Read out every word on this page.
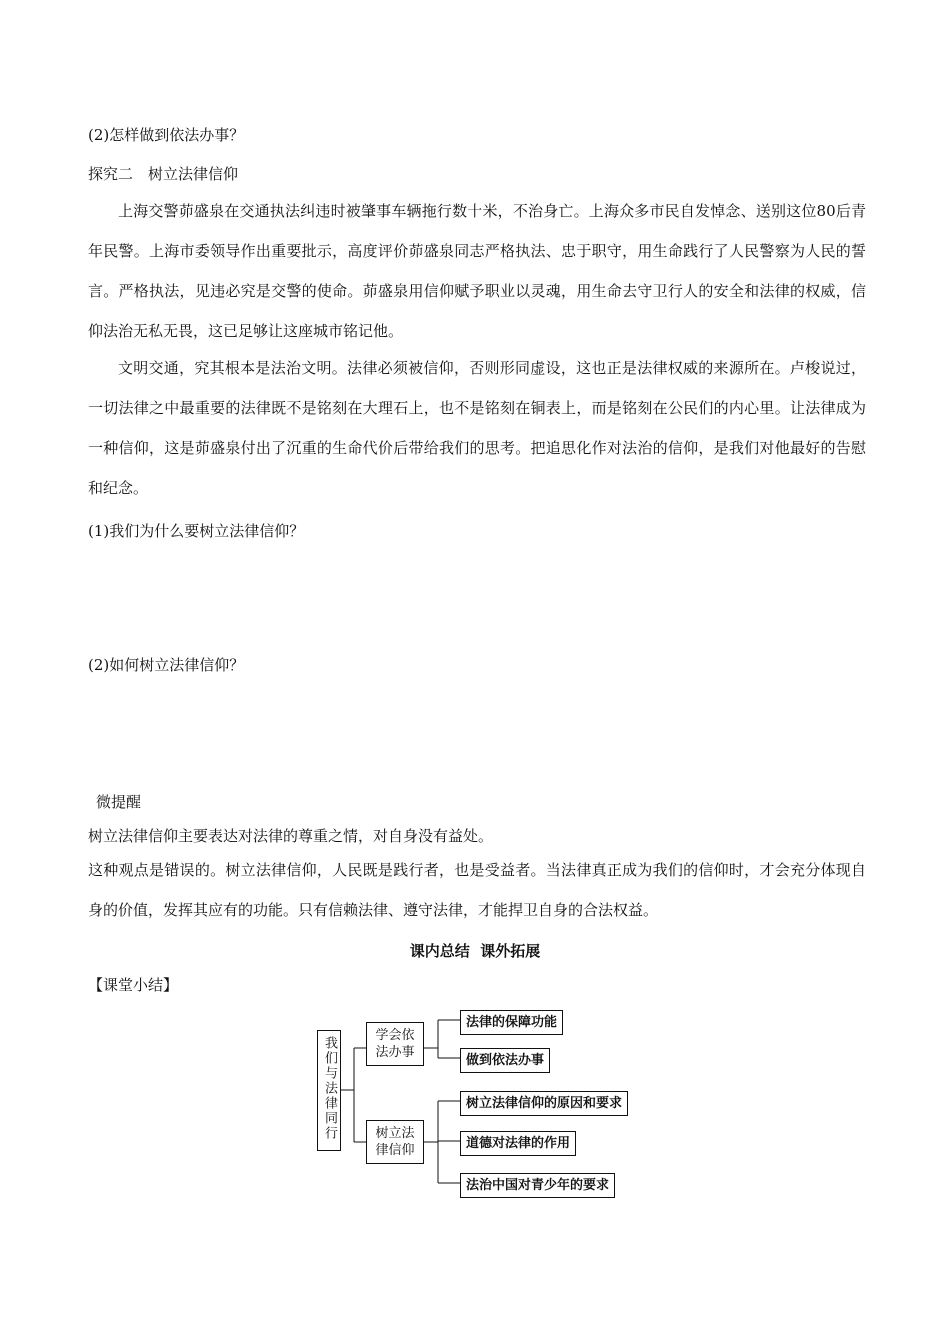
(2)怎样做到依法办事？
探究二　树立法律信仰
上海交警茆盛泉在交通执法纠违时被肇事车辆拖行数十米，不治身亡。上海众多市民自发悼念、送别这位80后青年民警。上海市委领导作出重要批示，高度评价茆盛泉同志严格执法、忠于职守，用生命践行了人民警察为人民的誓言。严格执法，见违必究是交警的使命。茆盛泉用信仰赋予职业以灵魂，用生命去守卫行人的安全和法律的权威，信仰法治无私无畏，这已足够让这座城市铭记他。
文明交通，究其根本是法治文明。法律必须被信仰，否则形同虚设，这也正是法律权威的来源所在。卢梭说过，一切法律之中最重要的法律既不是铭刻在大理石上，也不是铭刻在铜表上，而是铭刻在公民们的内心里。让法律成为一种信仰，这是茆盛泉付出了沉重的生命代价后带给我们的思考。把追思化作对法治的信仰，是我们对他最好的告慰和纪念。
(1)我们为什么要树立法律信仰？
(2)如何树立法律信仰？
微提醒
树立法律信仰主要表达对法律的尊重之情，对自身没有益处。
这种观点是错误的。树立法律信仰，人民既是践行者，也是受益者。当法律真正成为我们的信仰时，才会充分体现自身的价值，发挥其应有的功能。只有信赖法律、遵守法律，才能捍卫自身的合法权益。
课内总结  课外拓展
【课堂小结】
我们与法律同行
学会依法办事
树立法律信仰
法律的保障功能
做到依法办事
树立法律信仰的原因和要求
道德对法律的作用
法治中国对青少年的要求
